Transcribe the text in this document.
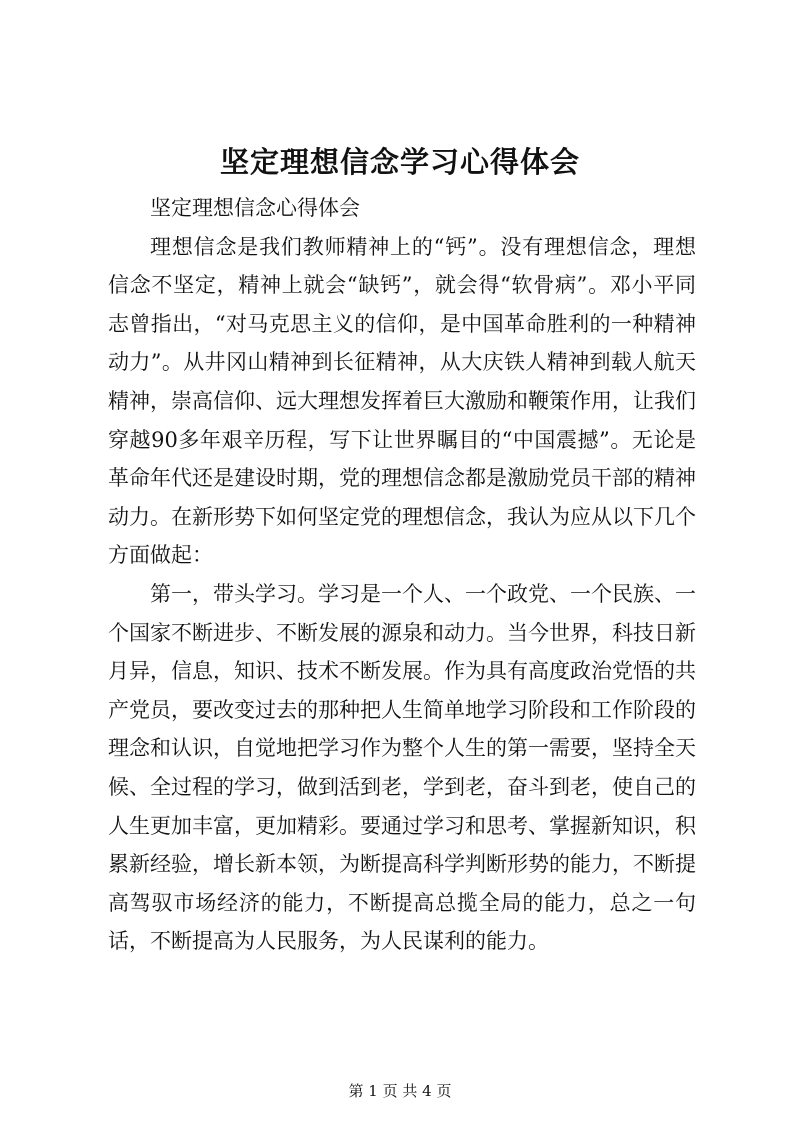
坚定理想信念学习心得体会

坚定理想信念心得体会

理想信念是我们教师精神上的“钙”。没有理想信念，理想信念不坚定，精神上就会“缺钙”，就会得“软骨病”。邓小平同志曾指出，“对马克思主义的信仰，是中国革命胜利的一种精神动力”。从井冈山精神到长征精神，从大庆铁人精神到载人航天精神，崇高信仰、远大理想发挥着巨大激励和鞭策作用，让我们穿越90多年艰辛历程，写下让世界瞩目的“中国震撼”。无论是革命年代还是建设时期，党的理想信念都是激励党员干部的精神动力。在新形势下如何坚定党的理想信念，我认为应从以下几个方面做起：

第一，带头学习。学习是一个人、一个政党、一个民族、一个国家不断进步、不断发展的源泉和动力。当今世界，科技日新月异，信息，知识、技术不断发展。作为具有高度政治党悟的共产党员，要改变过去的那种把人生简单地学习阶段和工作阶段的理念和认识，自觉地把学习作为整个人生的第一需要，坚持全天候、全过程的学习，做到活到老，学到老，奋斗到老，使自己的人生更加丰富，更加精彩。要通过学习和思考、掌握新知识，积累新经验，增长新本领，为断提高科学判断形势的能力，不断提高驾驭市场经济的能力，不断提高总揽全局的能力，总之一句话，不断提高为人民服务，为人民谋利的能力。

第 1 页 共 4 页
